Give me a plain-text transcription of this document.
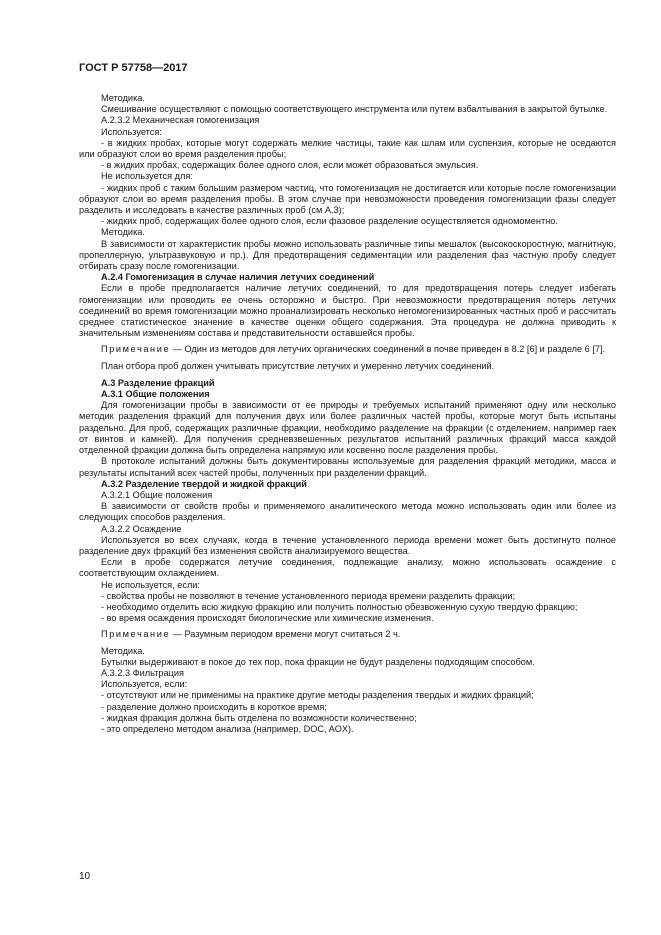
ГОСТ Р 57758—2017

Методика.

Смешивание осуществляют с помощью соответствующего инструмента или путем взбалтывания в закрытой бутылке.

А.2.3.2 Механическая гомогенизация

Используется:

- в жидких пробах, которые могут содержать мелкие частицы, такие как шлам или суспензия, которые не оседаются или образуют слои во время разделения пробы;

- в жидких пробах, содержащих более одного слоя, если может образоваться эмульсия.

Не используется для:

- жидких проб с таким большим размером частиц, что гомогенизация не достигается или которые после гомогенизации образуют слои во время разделения пробы. В этом случае при невозможности проведения гомогенизации фазы следует разделить и исследовать в качестве различных проб (см А.3);

- жидких проб, содержащих более одного слоя, если фазовое разделение осуществляется одномоментно.

Методика.

В зависимости от характеристик пробы можно использовать различные типы мешалок (высокоскоростную, магнитную, пропеллерную, ультразвуковую и пр.). Для предотвращения седиментации или разделения фаз частную пробу следует отбирать сразу после гомогенизации.

А.2.4 Гомогенизация в случае наличия летучих соединений

Если в пробе предполагается наличие летучих соединений, то для предотвращения потерь следует избегать гомогенизации или проводить ее очень осторожно и быстро. При невозможности предотвращения потерь летучих соединений во время гомогенизации можно проанализировать несколько негомогенизированных частных проб и рассчитать среднее статистическое значение в качестве оценки общего содержания. Эта процедура не должна приводить к значительным изменениям состава и представительности оставшейся пробы.

Примечание — Один из методов для летучих органических соединений в почве приведен в 8.2 [6] и разделе 6 [7].

План отбора проб должен учитывать присутствие летучих и умеренно летучих соединений.

А.3 Разделение фракций

А.3.1 Общие положения

Для гомогенизации пробы в зависимости от ее природы и требуемых испытаний применяют одну или несколько методик разделения фракций для получения двух или более различных частей пробы, которые могут быть испытаны раздельно. Для проб, содержащих различные фракции, необходимо разделение на фракции (с отделением, например гаек от винтов и камней). Для получения средневзвешенных результатов испытаний различных фракций масса каждой отделенной фракции должна быть определена напрямую или косвенно после разделения пробы.

В протоколе испытаний должны быть документированы используемые для разделения фракций методики, масса и результаты испытаний всех частей пробы, полученных при разделении фракций.

А.3.2 Разделение твердой и жидкой фракций

А.3.2.1 Общие положения

В зависимости от свойств пробы и применяемого аналитического метода можно использовать один или более из следующих способов разделения.

А.3.2.2 Осаждение

Используется во всех случаях, когда в течение установленного периода времени может быть достигнуто полное разделение двух фракций без изменения свойств анализируемого вещества.

Если в пробе содержатся летучие соединения, подлежащие анализу, можно использовать осаждение с соответствующим охлаждением.

Не используется, если:

- свойства пробы не позволяют в течение установленного периода времени разделить фракции;

- необходимо отделить всю жидкую фракцию или получить полностью обезвоженную сухую твердую фракцию;

- во время осаждения происходят биологические или химические изменения.

Примечание — Разумным периодом времени могут считаться 2 ч.

Методика.

Бутылки выдерживают в покое до тех пор, пока фракции не будут разделены подходящим способом.

А.3.2.3 Фильтрация

Используется, если:

- отсутствуют или не применимы на практике другие методы разделения твердых и жидких фракций;

- разделение должно происходить в короткое время;

- жидкая фракция должна быть отделена по возможности количественно;

- это определено методом анализа (например, DOC, AOX).

10
